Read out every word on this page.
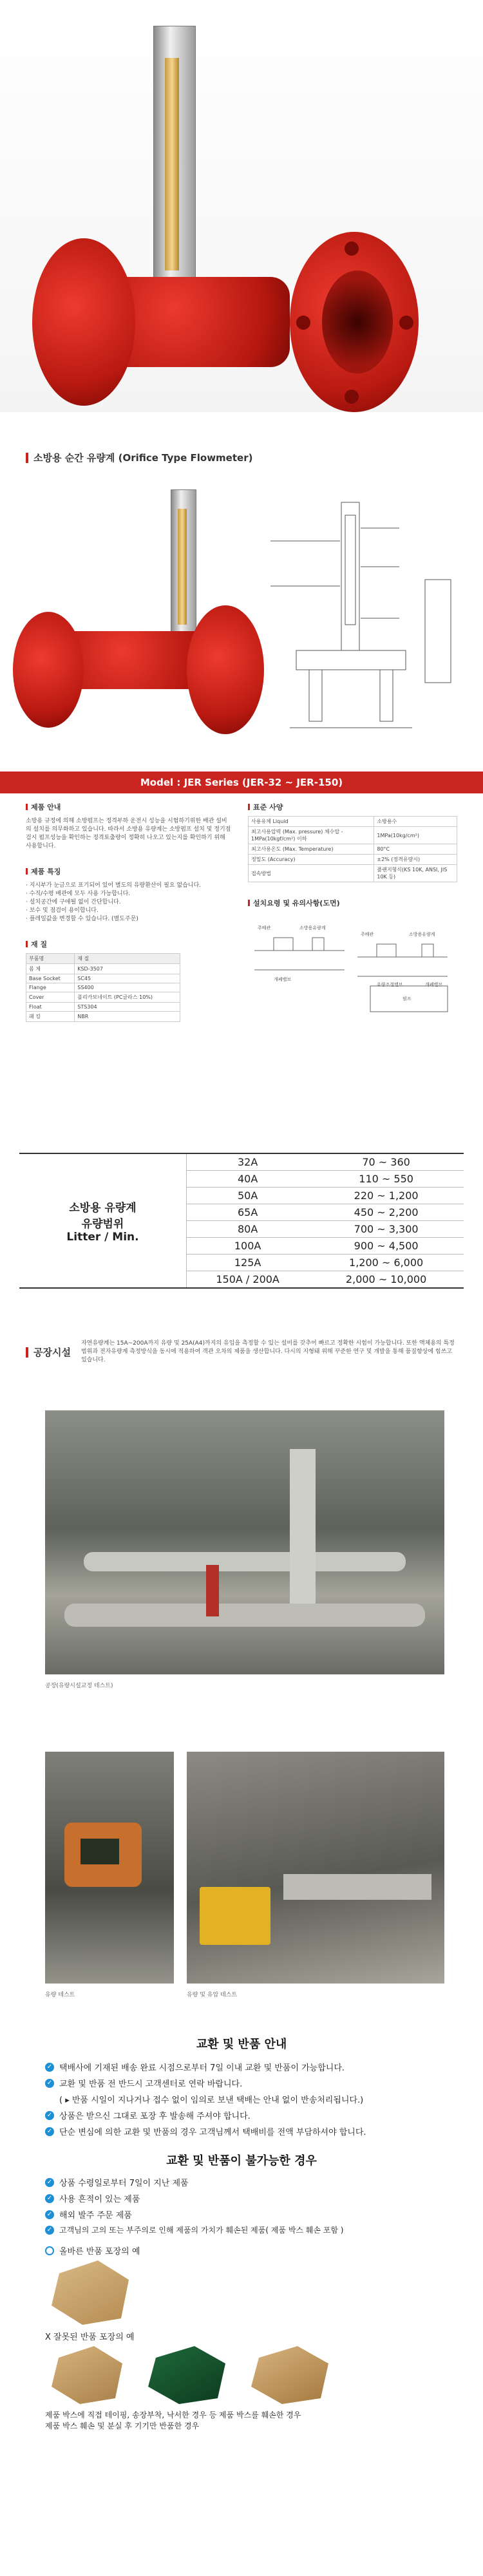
소방용 순간 유량계 (Orifice Type Flowmeter)
Model : JER Series (JER-32 ~ JER-150)
제품 안내

소방용 규정에 의해 소방펌프는 정격부하 운전시 성능을 시험하기위한 배관 설비의 설치를 의무화하고 있습니다. 따라서 소방용 유량계는 소방펌프 설치 및 정기점검시 펌프성능을 확인하는 정격토출량이 정확히 나오고 있는지를 확인하기 위해 사용합니다.

제품 특징

· 지시부가 눈금으로 표기되어 있어 별도의 유량환산이 필요 없습니다.

· 수직/수평 배관에 모두 사용 가능합니다.

· 설치공간에 구애될 없이 간단합니다.

· 보수 및 점검이 용이합니다.

· 플레일값을 변경할 수 있습니다. (별도주문)

재 질
부품명	재 질
몸 체	KSD-3507
Base Socket	SC45
Flange	SS400
Cover	폴리카보네이트 (PC글라스 10%)
Float	STS304
패 킹	NBR
표준 사양
사용유체 Liquid	소방용수
최고사용압력 (Max. pressure) 체수압 - 1MPa(10kgf/cm²) 이하	1MPa(10kg/cm²)
최고사용온도 (Max. Temperature)	80°C
정밀도 (Accuracy)	±2% (정격유량시)
접속방법	플랜지형식(KS 10K, ANSI, JIS 10K 등)
설치요령 및 유의사항(도면)
주배관	소방용유량계
개폐밸브
주배관
유량조절밸브
소방용유량계
펌프
개폐밸브
소방용 유량계
유량범위
Litter / Min.
32A	70 ~ 360
40A	110 ~ 550
50A	220 ~ 1,200
65A	450 ~ 2,200
80A	700 ~ 3,300
100A	900 ~ 4,500
125A	1,200 ~ 6,000
150A / 200A	2,000 ~ 10,000
공장시설

자연유량계는 15A~200A까지 유량 및 25A(A4)까지의 유입을 측정할 수 있는 설비를 갖추어 빠르고 정확한 시험이 가능합니다. 또한 액체용의 특정범위과 전자유량계 측정방식을 동시에 적용하여 객관 오차의 제품을 생산합니다. 다시의 지형돼 위해 꾸준한 연구 및 개발을 통해 품질향상에 힘쓰고 있습니다.

공장(유량시설교정 테스트)
유량 테스트	유량 및 유압 테스트
교환 및 반품 안내
✓ 택배사에 기재된 배송 완료 시점으로부터 7일 이내 교환 및 반품이 가능합니다.
✓ 교환 및 반품 전 반드시 고객센터로 연락 바랍니다.
( ▸ 반품 시일이 지나거나 접수 없이 임의로 보낸 택배는 안내 없이 반송처리됩니다.)
✓ 상품은 받으신 그대로 포장 후 발송해 주셔야 합니다.
✓ 단순 변심에 의한 교환 및 반품의 경우 고객님께서 택배비를 전액 부담하셔야 합니다.
교환 및 반품이 불가능한 경우
✓ 상품 수령일로부터 7일이 지난 제품
✓ 사용 흔적이 있는 제품
✓ 해외 발주 주문 제품
✓ 고객님의 고의 또는 부주의로 인해 제품의 가치가 훼손된 제품( 제품 박스 훼손 포함 )
올바른 반품 포장의 예
X 잘못된 반품 포장의 예

제품 박스에 직접 테이핑, 송장부착, 낙서한 경우 등 제품 박스를 훼손한 경우

제품 박스 훼손 및 분실 후 기기만 반품한 경우
